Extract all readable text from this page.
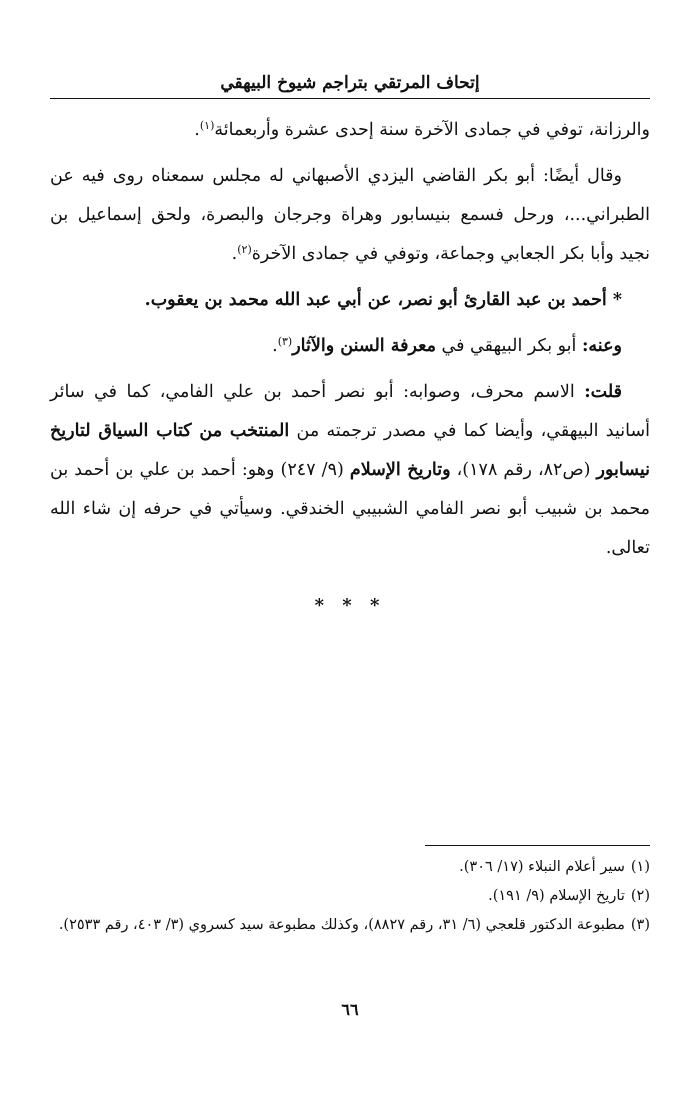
إتحاف المرتقي بتراجم شيوخ البيهقي

والرزانة، توفي في جمادى الآخرة سنة إحدى عشرة وأربعمائة$^{(١)}$.

وقال أيضًا: أبو بكر القاضي اليزدي الأصبهاني له مجلس سمعناه روى فيه عن الطبراني...، ورحل فسمع بنيسابور وهراة وجرجان والبصرة، ولحق إسماعيل بن نجيد وأبا بكر الجعابي وجماعة، وتوفي في جمادى الآخرة$^{(٢)}$.

* أحمد بن عبد القارئ أبو نصر، عن أبي عبد الله محمد بن يعقوب.

وعنه: أبو بكر البيهقي في معرفة السنن والآثار$^{(٣)}$.

قلت: الاسم محرف، وصوابه: أبو نصر أحمد بن علي الفامي، كما في سائر أسانيد البيهقي، وأيضا كما في مصدر ترجمته من المنتخب من كتاب السياق لتاريخ نيسابور (ص٨٢، رقم ١٧٨)، وتاريخ الإسلام (٩/ ٢٤٧) وهو: أحمد بن علي بن أحمد بن محمد بن شبيب أبو نصر الفامي الشبيبي الخندقي. وسيأتي في حرفه إن شاء الله تعالى.

* * *

(١)سير أعلام النبلاء (١٧/ ٣٠٦).

(٢)تاريخ الإسلام (٩/ ١٩١).

(٣)مطبوعة الدكتور قلعجي (٦/ ٣١، رقم ٨٨٢٧)، وكذلك مطبوعة سيد كسروي (٣/ ٤٠٣، رقم ٢٥٣٣).

٦٦
